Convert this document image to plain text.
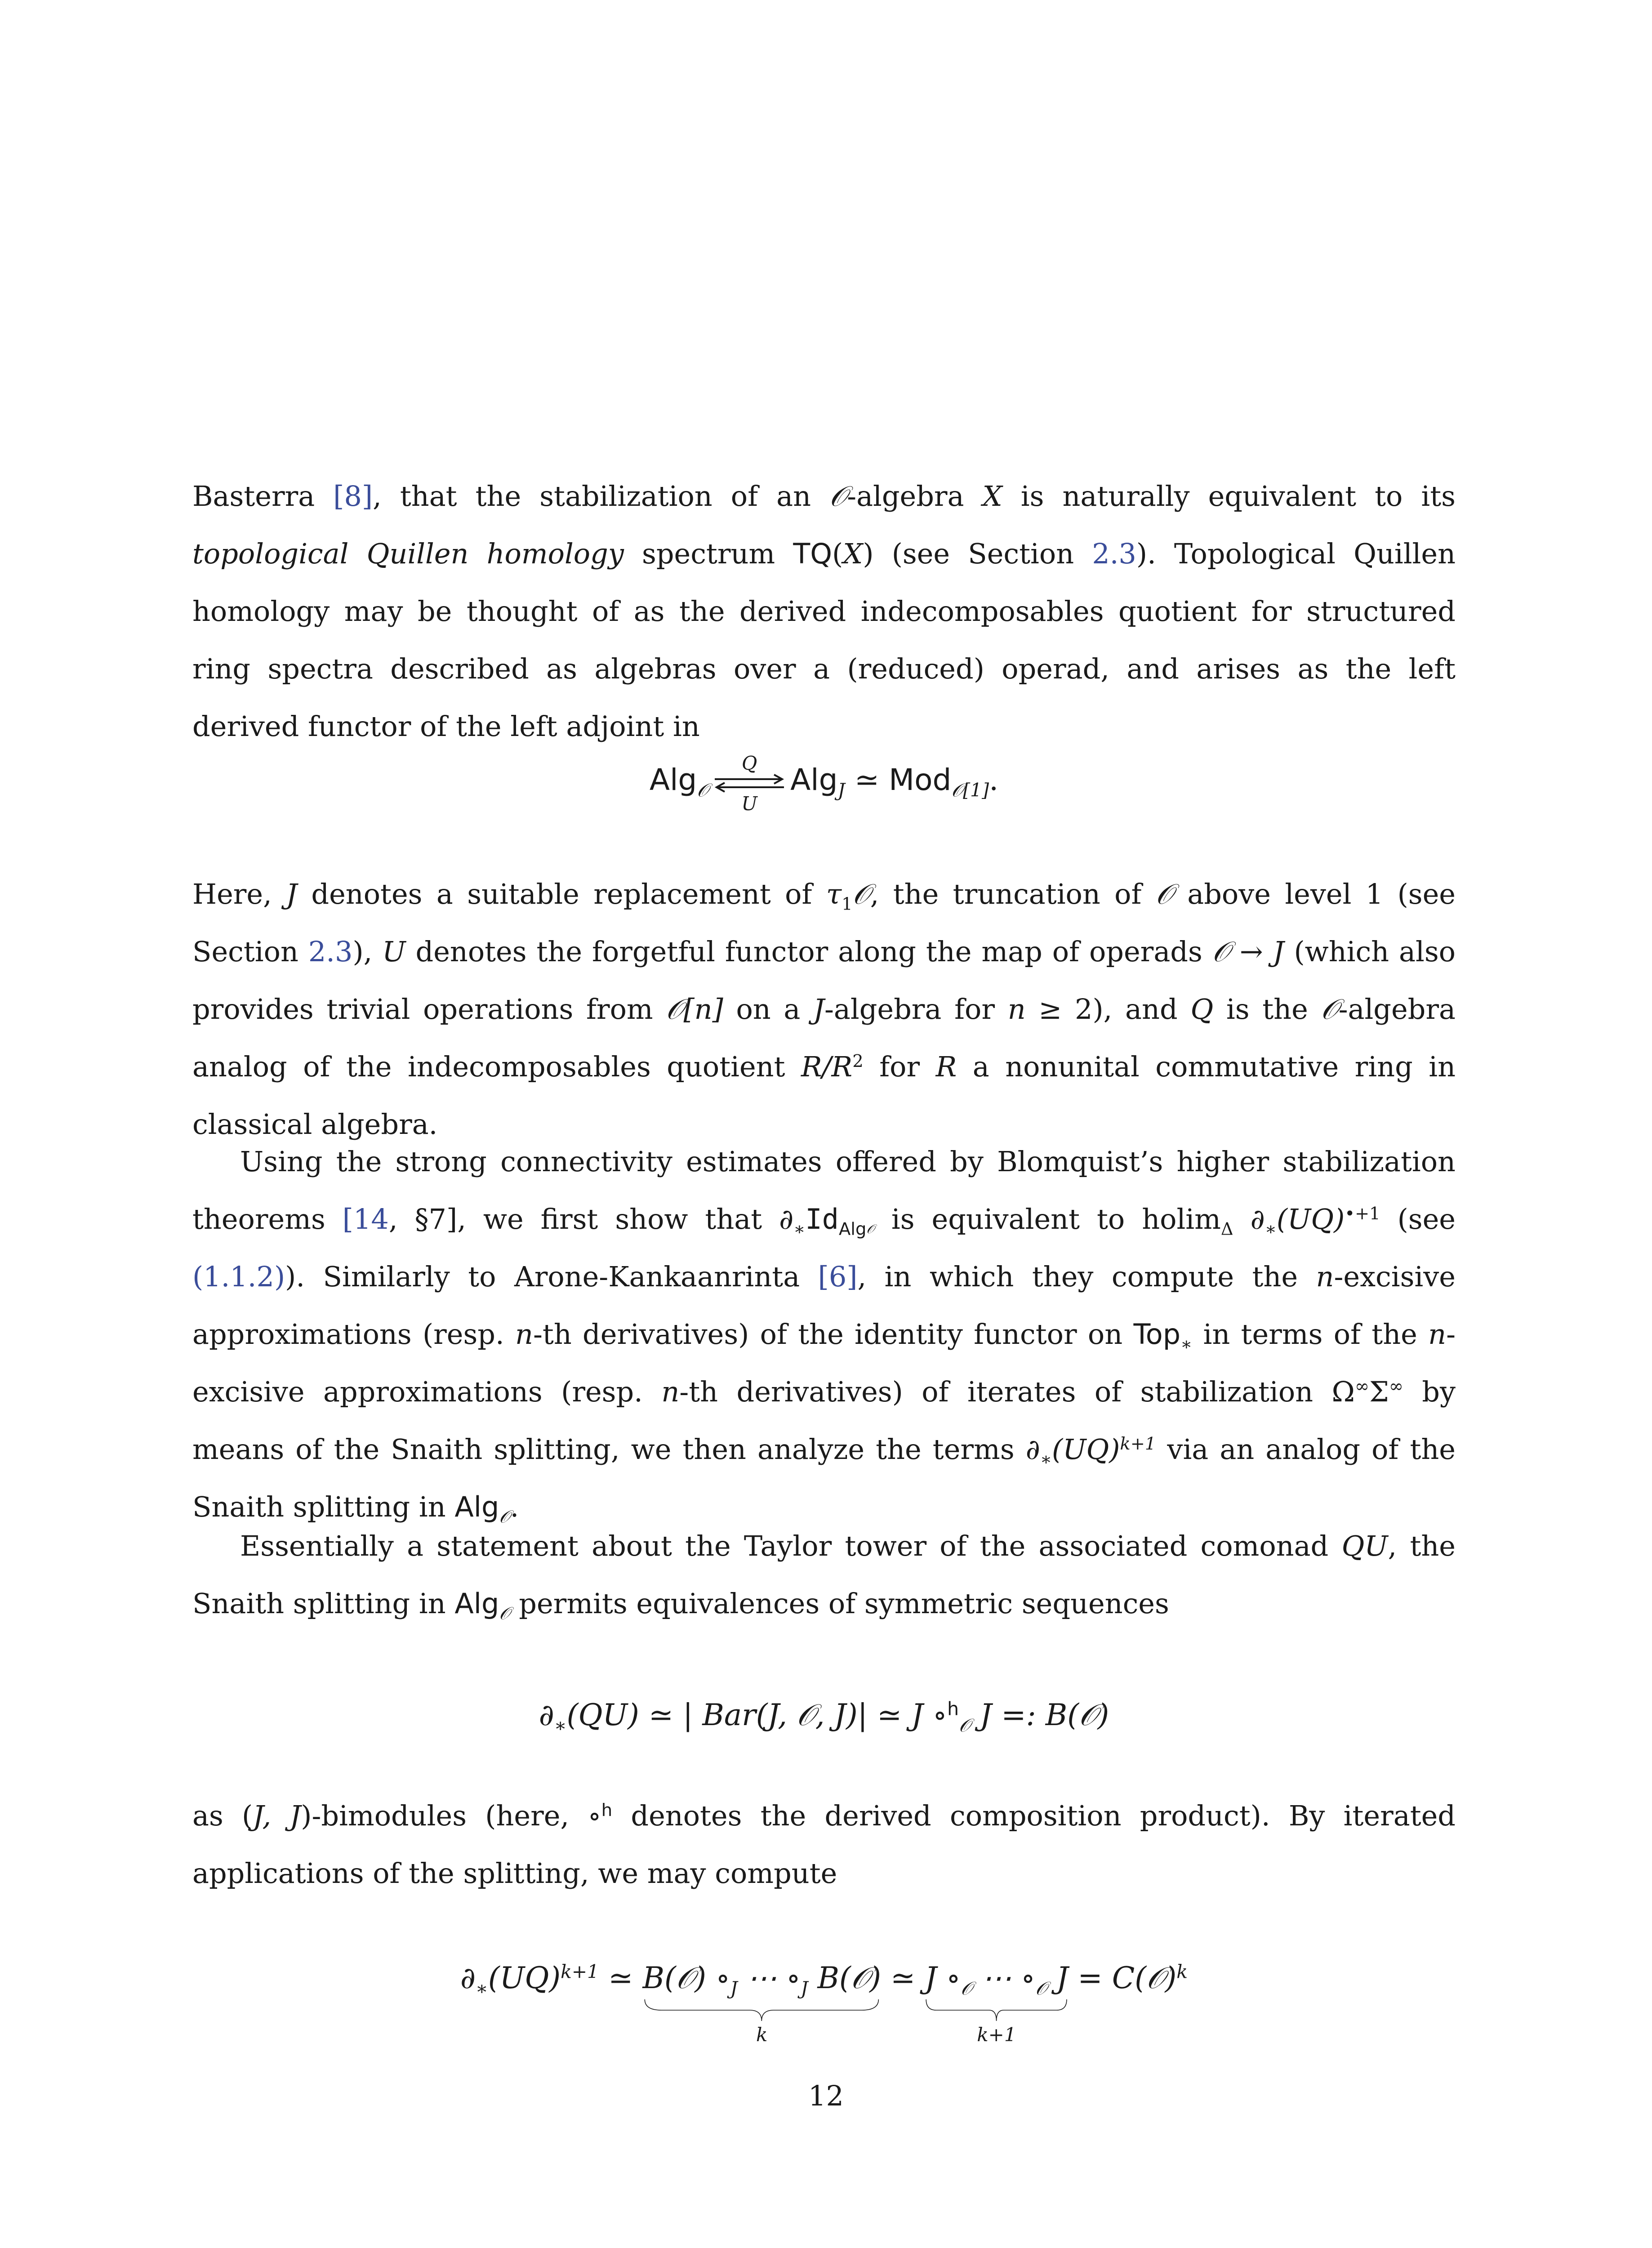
Basterra [8], that the stabilization of an 𝒪-algebra X is naturally equivalent to its topological Quillen homology spectrum TQ(X) (see Section 2.3). Topological Quillen homology may be thought of as the derived indecomposables quotient for structured ring spectra described as algebras over a (reduced) operad, and arises as the left derived functor of the left adjoint in

Alg$_𝒪$
Q
U
Alg$_J$ ≃ Mod$_{𝒪[1]}$.

Here, J denotes a suitable replacement of $\tau_1𝒪$, the truncation of 𝒪 above level 1 (see Section 2.3), U denotes the forgetful functor along the map of operads 𝒪 → J (which also provides trivial operations from 𝒪[n] on a J-algebra for n ≥ 2), and Q is the 𝒪-algebra analog of the indecomposables quotient $R/R^2$ for R a nonunital commutative ring in classical algebra.

Using the strong connectivity estimates offered by Blomquist’s higher stabilization theorems [14, §7], we first show that $\partial_∗Id_{Alg𝒪}$ is equivalent to holim$_\Delta$ $\partial_∗(UQ)^{•+1}$ (see (1.1.2)). Similarly to Arone-Kankaanrinta [6], in which they compute the n-excisive approximations (resp. n-th derivatives) of the identity functor on Top$_∗$ in terms of the n-excisive approximations (resp. n-th derivatives) of iterates of stabilization Ω∞Σ∞ by means of the Snaith splitting, we then analyze the terms $\partial_∗(UQ)^{k+1}$ via an analog of the Snaith splitting in Alg$_𝒪$.

Essentially a statement about the Taylor tower of the associated comonad QU, the Snaith splitting in Alg$_𝒪$ permits equivalences of symmetric sequences

$\partial_∗(QU)$ ≃ | Bar(J, 𝒪, J)| ≃ J ∘$^h_𝒪$ J =: B(𝒪)

as (J, J)-bimodules (here, ∘$^h$ denotes the derived composition product). By iterated applications of the splitting, we may compute

$\partial_∗(UQ)^{k+1}$ ≃ B(𝒪) $\circ_J$ ⋯ $\circ_J$ B(𝒪)
k
≃ J $\circ_𝒪$ ⋯ $\circ_𝒪$ J
k+1
= C(𝒪)$^k$
12
